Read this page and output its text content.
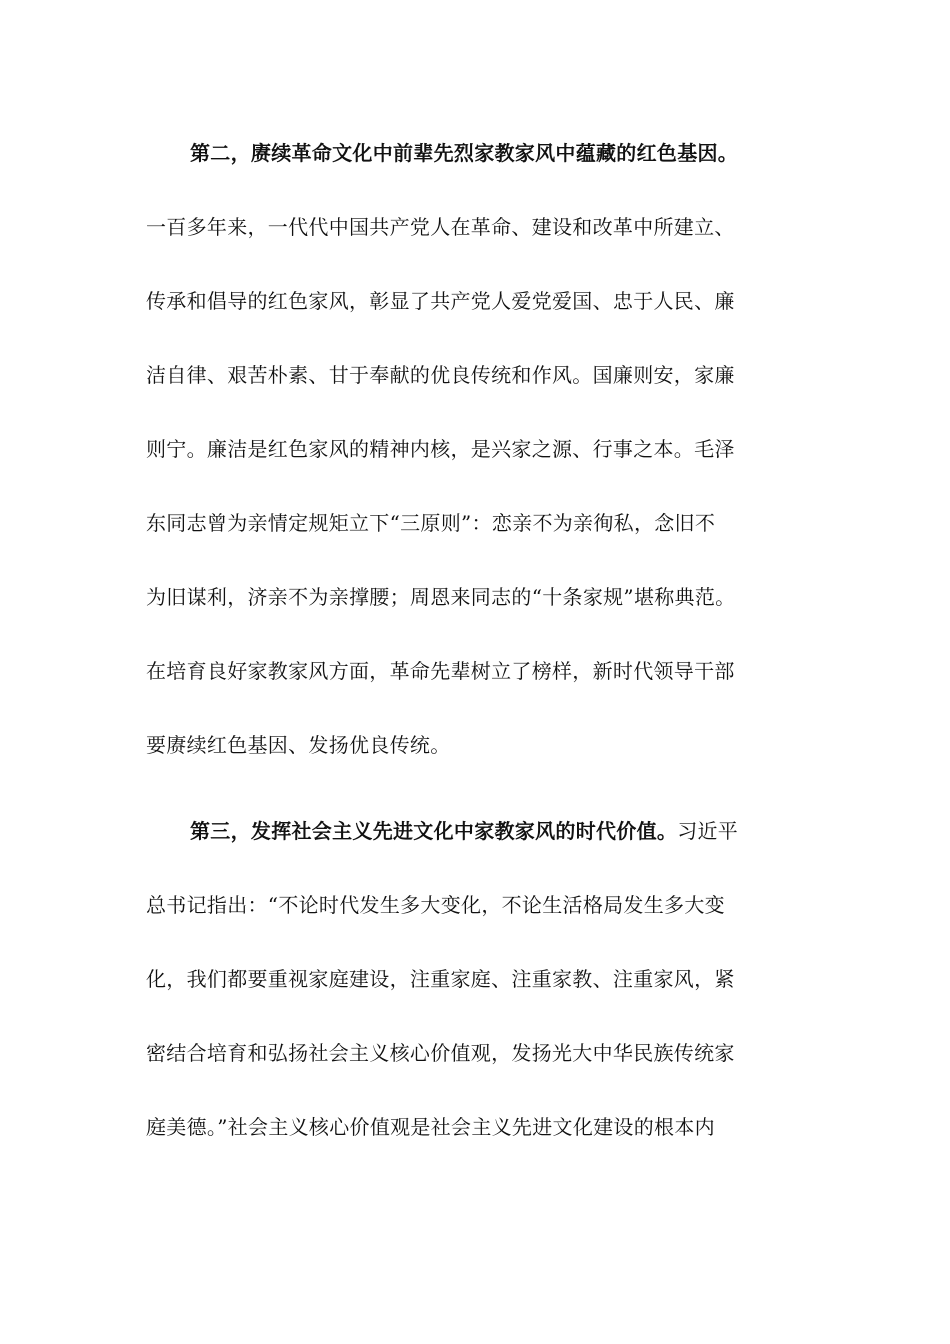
第二，赓续革命文化中前辈先烈家教家风中蕴藏的红色基因。
一百多年来，一代代中国共产党人在革命、建设和改革中所建立、
传承和倡导的红色家风，彰显了共产党人爱党爱国、忠于人民、廉
洁自律、艰苦朴素、甘于奉献的优良传统和作风。国廉则安，家廉
则宁。廉洁是红色家风的精神内核，是兴家之源、行事之本。毛泽
东同志曾为亲情定规矩立下“三原则”：恋亲不为亲徇私，念旧不
为旧谋利，济亲不为亲撑腰；周恩来同志的“十条家规”堪称典范。
在培育良好家教家风方面，革命先辈树立了榜样，新时代领导干部
要赓续红色基因、发扬优良传统。
第三，发挥社会主义先进文化中家教家风的时代价值。习近平
总书记指出：“不论时代发生多大变化，不论生活格局发生多大变
化，我们都要重视家庭建设，注重家庭、注重家教、注重家风，紧
密结合培育和弘扬社会主义核心价值观，发扬光大中华民族传统家
庭美德。”社会主义核心价值观是社会主义先进文化建设的根本内
